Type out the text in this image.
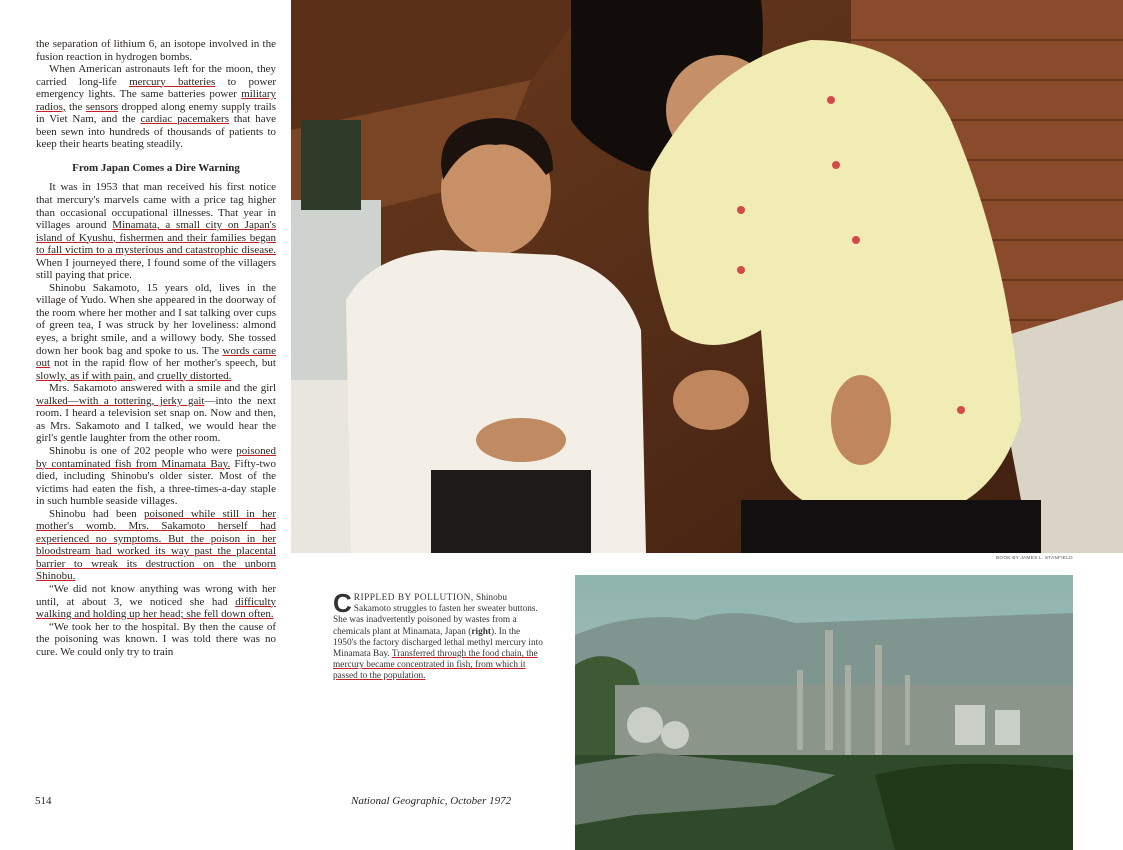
the separation of lithium 6, an isotope involved in the fusion reaction in hydrogen bombs.

When American astronauts left for the moon, they carried long-life mercury batteries to power emergency lights. The same batteries power military radios, the sensors dropped along enemy supply trails in Viet Nam, and the cardiac pacemakers that have been sewn into hundreds of thousands of patients to keep their hearts beating steadily.

From Japan Comes a Dire Warning

It was in 1953 that man received his first notice that mercury's marvels came with a price tag higher than occasional occupational illnesses. That year in villages around Minamata, a small city on Japan's island of Kyushu, fishermen and their families began to fall victim to a mysterious and catastrophic disease. When I journeyed there, I found some of the villagers still paying that price.

Shinobu Sakamoto, 15 years old, lives in the village of Yudo. When she appeared in the doorway of the room where her mother and I sat talking over cups of green tea, I was struck by her loveliness: almond eyes, a bright smile, and a willowy body. She tossed down her book bag and spoke to us. The words came out not in the rapid flow of her mother's speech, but slowly, as if with pain, and cruelly distorted.

Mrs. Sakamoto answered with a smile and the girl walked—with a tottering, jerky gait—into the next room. I heard a television set snap on. Now and then, as Mrs. Sakamoto and I talked, we would hear the girl's gentle laughter from the other room.

Shinobu is one of 202 people who were poisoned by contaminated fish from Minamata Bay. Fifty-two died, including Shinobu's older sister. Most of the victims had eaten the fish, a three-times-a-day staple in such humble seaside villages.

Shinobu had been poisoned while still in her mother's womb. Mrs. Sakamoto herself had experienced no symptoms. But the poison in her bloodstream had worked its way past the placental barrier to wreak its destruction on the unborn Shinobu.

“We did not know anything was wrong with her until, at about 3, we noticed she had difficulty walking and holding up her head; she fell down often.

“We took her to the hospital. By then the cause of the poisoning was known. I was told there was no cure. We could only try to train

BOOK BY JAMES L. STANFIELD
CRIPPLED BY POLLUTION, Shinobu Sakamoto struggles to fasten her sweater buttons. She was inadvertently poisoned by wastes from a chemicals plant at Minamata, Japan (right). In the 1950's the factory discharged lethal methyl mercury into Minamata Bay. Transferred through the food chain, the mercury became concentrated in fish, from which it passed to the population.
514	National Geographic, October 1972
